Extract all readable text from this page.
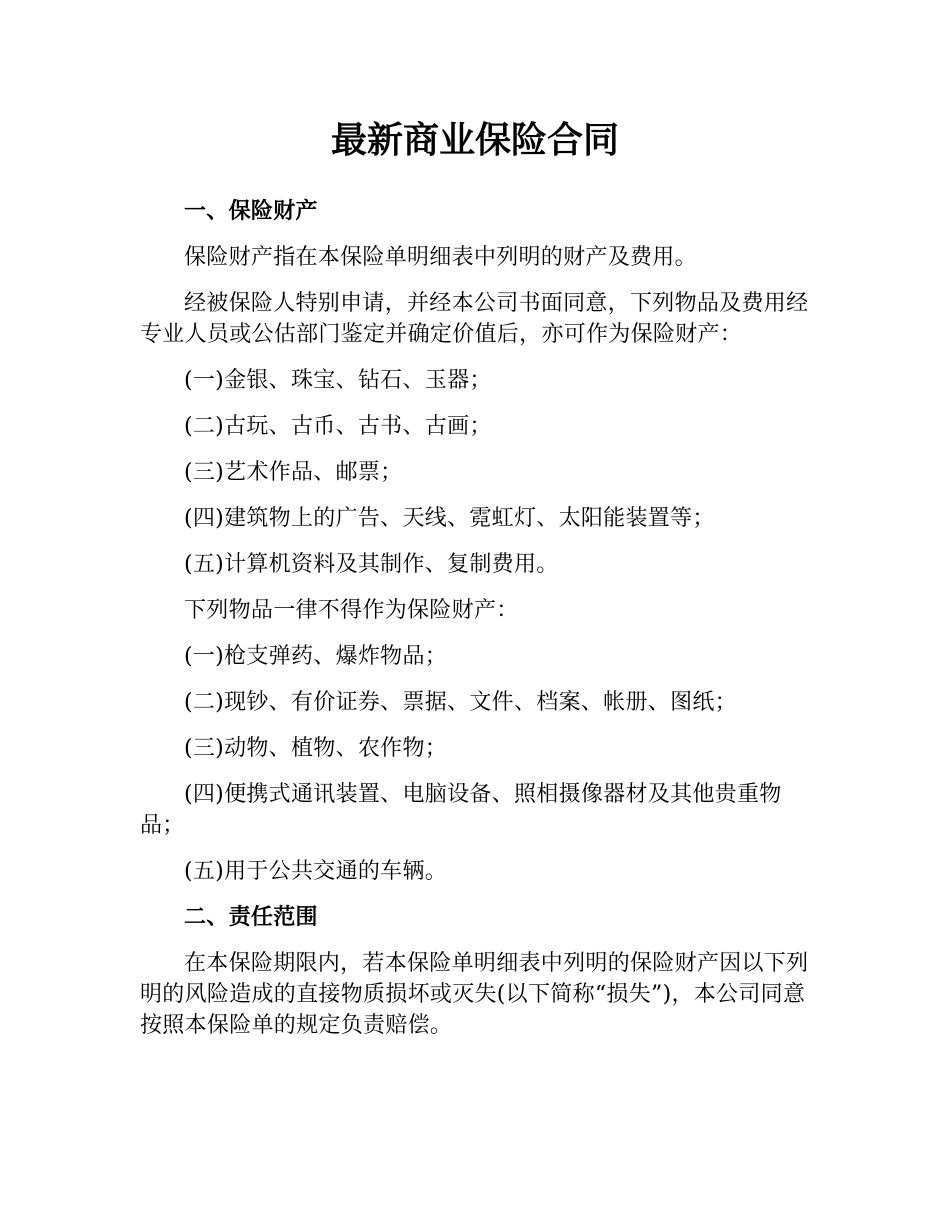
最新商业保险合同

一、保险财产

保险财产指在本保险单明细表中列明的财产及费用。

经被保险人特别申请，并经本公司书面同意，下列物品及费用经专业人员或公估部门鉴定并确定价值后，亦可作为保险财产：

(一)金银、珠宝、钻石、玉器；

(二)古玩、古币、古书、古画；

(三)艺术作品、邮票；

(四)建筑物上的广告、天线、霓虹灯、太阳能装置等；

(五)计算机资料及其制作、复制费用。

下列物品一律不得作为保险财产：

(一)枪支弹药、爆炸物品；

(二)现钞、有价证券、票据、文件、档案、帐册、图纸；

(三)动物、植物、农作物；

(四)便携式通讯装置、电脑设备、照相摄像器材及其他贵重物品；

(五)用于公共交通的车辆。

二、责任范围

在本保险期限内，若本保险单明细表中列明的保险财产因以下列明的风险造成的直接物质损坏或灭失(以下简称“损失”)，本公司同意按照本保险单的规定负责赔偿。
